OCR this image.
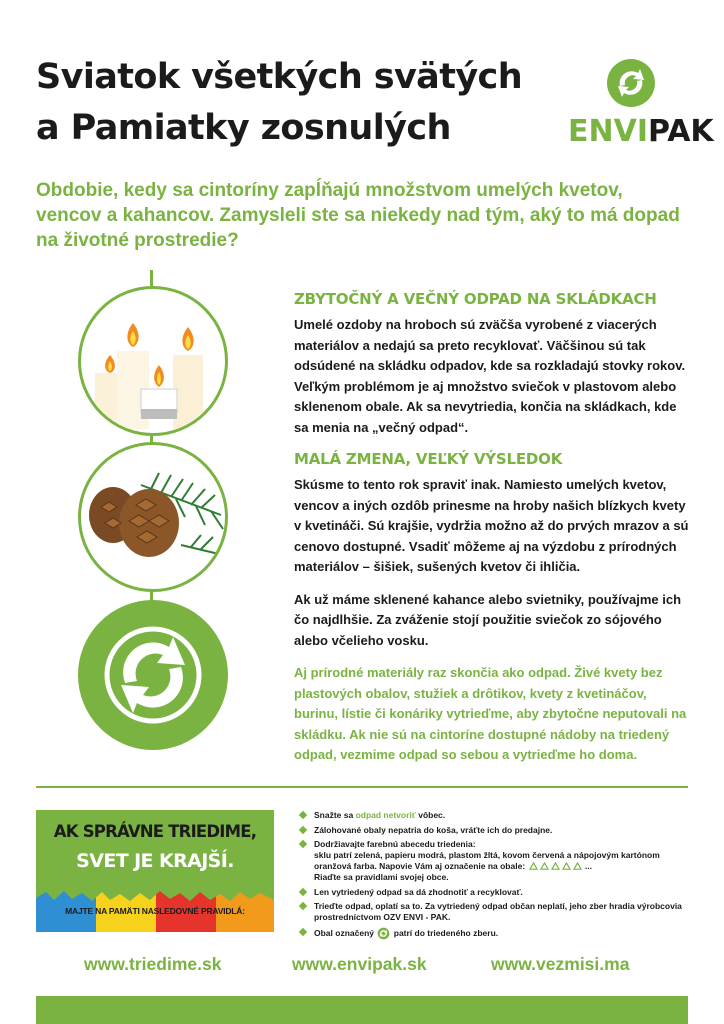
Sviatok všetkých svätých
a Pamiatky zosnulých	ENVIPAK
Obdobie, kedy sa cintoríny zapĺňajú množstvom umelých kvetov, vencov a kahancov. Zamysleli ste sa niekedy nad tým, aký to má dopad na životné prostredie?
ZBYTOČNÝ A VEČNÝ ODPAD NA SKLÁDKACH

Umelé ozdoby na hroboch sú zväčša vyrobené z viacerých materiálov a nedajú sa preto recyklovať. Väčšinou sú tak odsúdené na skládku odpadov, kde sa rozkladajú stovky rokov. Veľkým problémom je aj množstvo sviečok v plastovom alebo sklenenom obale. Ak sa nevytriedia, končia na skládkach, kde sa menia na „večný odpad“.

MALÁ ZMENA, VEĽKÝ VÝSLEDOK

Skúsme to tento rok spraviť inak. Namiesto umelých kvetov, vencov a iných ozdôb prinesme na hroby našich blízkych kvety v kvetináči. Sú krajšie, vydržia možno až do prvých mrazov a sú cenovo dostupné. Vsadiť môžeme aj na výzdobu z prírodných materiálov – šišiek, sušených kvetov či ihličia.

Ak už máme sklenené kahance alebo svietniky, používajme ich čo najdlhšie. Za zváženie stojí použitie sviečok zo sójového alebo včelieho vosku.

Aj prírodné materiály raz skončia ako odpad. Živé kvety bez plastových obalov, stužiek a drôtikov, kvety z kvetináčov, burinu, lístie či konáriky vytrieďme, aby zbytočne neputovali na skládku. Ak nie sú na cintoríne dostupné nádoby na triedený odpad, vezmime odpad so sebou a vytrieďme ho doma.

AK SPRÁVNE TRIEDIME,
SVET JE KRAJŠÍ.
MAJTE NA PAMÄTI NASLEDOVNÉ PRAVIDLÁ:
Snažte sa odpad netvoriť vôbec.
Zálohované obaly nepatria do koša, vráťte ich do predajne.
Dodržiavajte farebnú abecedu triedenia:
sklu patrí zelená, papieru modrá, plastom žltá, kovom červená a nápojovým kartónom oranžová farba. Napovie Vám aj označenie na obale:	...
Riaďte sa pravidlami svojej obce.
Len vytriedený odpad sa dá zhodnotiť a recyklovať.
Trieďte odpad, oplatí sa to. Za vytriedený odpad občan neplatí, jeho zber hradia výrobcovia prostredníctvom OZV ENVI - PAK.
Obal označený patrí do triedeného zberu.
www.triedime.sk	www.envipak.sk	www.vezmisi.ma
